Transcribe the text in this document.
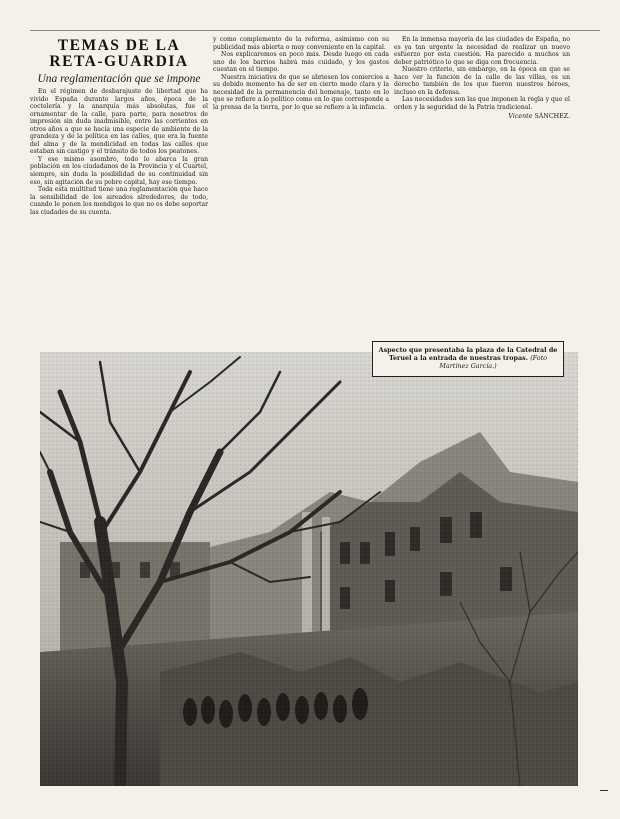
TEMAS DE LA RETA-GUARDIA
Una reglamentación que se impone

En el régimen de desbarajuste de libertad que ha vivido España durante largos años, época de la coctelería y la anarquía más absolutas, fue el ornamentar de la calle, para parte, para nosotros de impresión sin duda inadmisible, entre las corrientes en otros años a que se hacía una especie de ambiente de la grandeza y de la política en las calles, que era la fuente del alma y de la mendicidad en todas las calles que estaban sin castigo y el tránsito de todos los peatones.

Y ese mismo asombro, todo lo abarca la gran población en los ciudadanos de la Provincia y el Cuartel, siempre, sin duda la posibilidad de su continuidad sin eso, sin agitación de su pobre capital, hay ese tiempo.

Toda esta multitud tiene una reglamentación que hace la sensibilidad de los aireados alrededores, de todo, cuando le ponen los mendigos lo que no es debe soportar las ciudades de su cuenta.

y como complemento de la reforma, asimismo con su publicidad más abierta o muy conveniente en la capital.

Nos explicaremos en poco más. Desde luego en cada uno de los barrios habrá más cuidado, y los gastos cuestan en el tiempo.

Nuestra iniciativa de que se abriesen los comercios a su debido momento ha de ser en cierto modo clara y la necesidad de la permanencia del homenaje, tanto en lo que se refiere a lo político como en lo que corresponde a la prensa de la tierra, por lo que se refiere a la infancia.

En la inmensa mayoría de las ciudades de España, no es ya tan urgente la necesidad de realizar un nuevo esfuerzo por esta cuestión. Ha parecido a muchos un deber patriótico lo que se diga con frecuencia.

Nuestro criterio, sin embargo, en la época en que se hace ver la función de la calle de las villas, es un derecho también de los que fueron nuestros héroes, incluso en la defensa.

Las necesidades son las que imponen la regla y que el orden y la seguridad de la Patria tradicional.

Vicente SÁNCHEZ.
Aspecto que presentaba la plaza de la Catedral de Teruel a la entrada de nuestras tropas. (Foto Martínez García.)
